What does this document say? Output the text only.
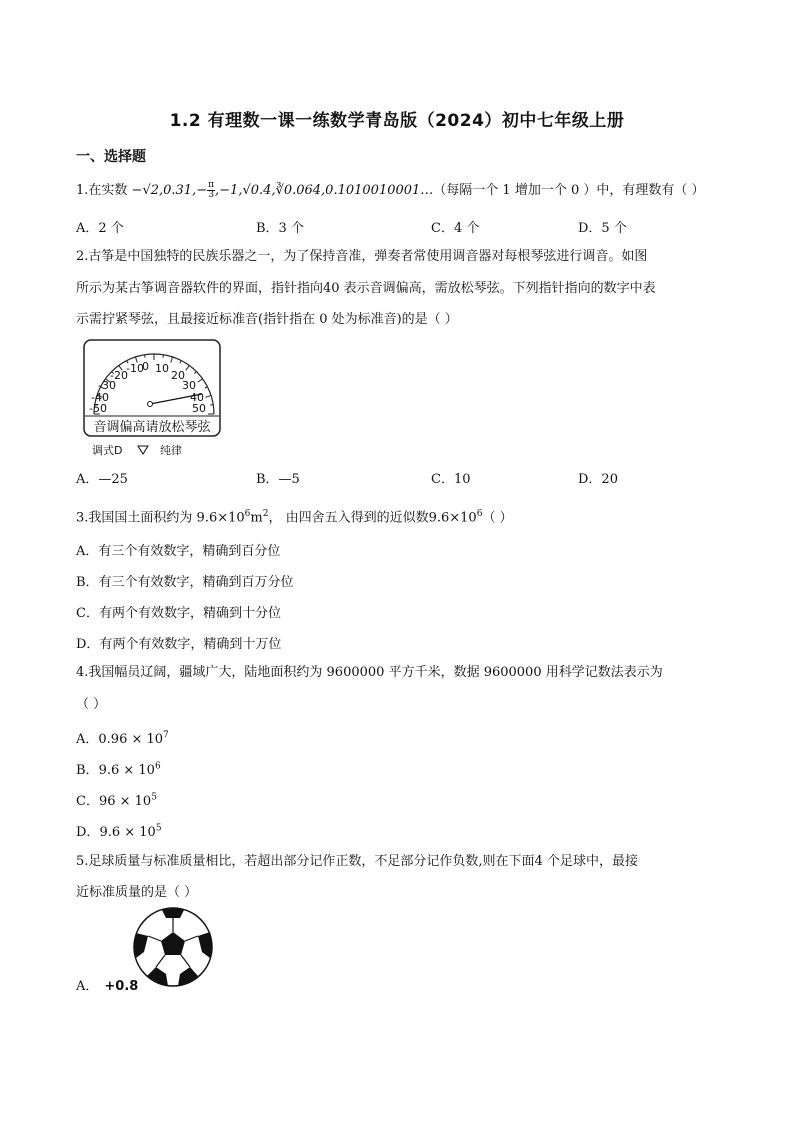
1.2 有理数一课一练数学青岛版（2024）初中七年级上册
一、选择题
1.在实数 $-√2,0.31,- \frac{\pi}{3}$ ,−1,√0.4,∛0.064,0.1010010001…（每隔一个 1 增加一个 0 ）中，有理数有（ ）
A．2 个	B．3 个	C．4 个	D．5 个
2.古筝是中国独特的民族乐器之一，为了保持音准，弹奏者常使用调音器对每根琴弦进行调音。如图
所示为某古筝调音器软件的界面，指针指向40 表示音调偏高，需放松琴弦。下列指针指向的数字中表
示需拧紧琴弦，且最接近标准音(指针指在 0 处为标准音)的是（ ）
-50
-40
-30
-20
-10
0 10
20
30
40
50
音调偏高请放松琴弦
调式D	纯律
A．—25	B．—5	C．10	D．20
3.我国国土面积约为 $9.6\times 10^6m^2$， 由四舍五入得到的近似数$9.6\times 10^6$（ ）
A．有三个有效数字，精确到百分位
B．有三个有效数字，精确到百万分位
C．有两个有效数字，精确到十分位
D．有两个有效数字，精确到十万位
4.我国幅员辽阔，疆域广大，陆地面积约为 9600000 平方千米，数据 9600000 用科学记数法表示为
（ ）
A．$0.96 \times 10^7$
B．$9.6 \times 10^6$
C．$96 \times 10^5$
D．$9.6 \times 10^5$
5.足球质量与标准质量相比，若超出部分记作正数，不足部分记作负数,则在下面4 个足球中，最接
近标准质量的是（ ）
A． +0.8
